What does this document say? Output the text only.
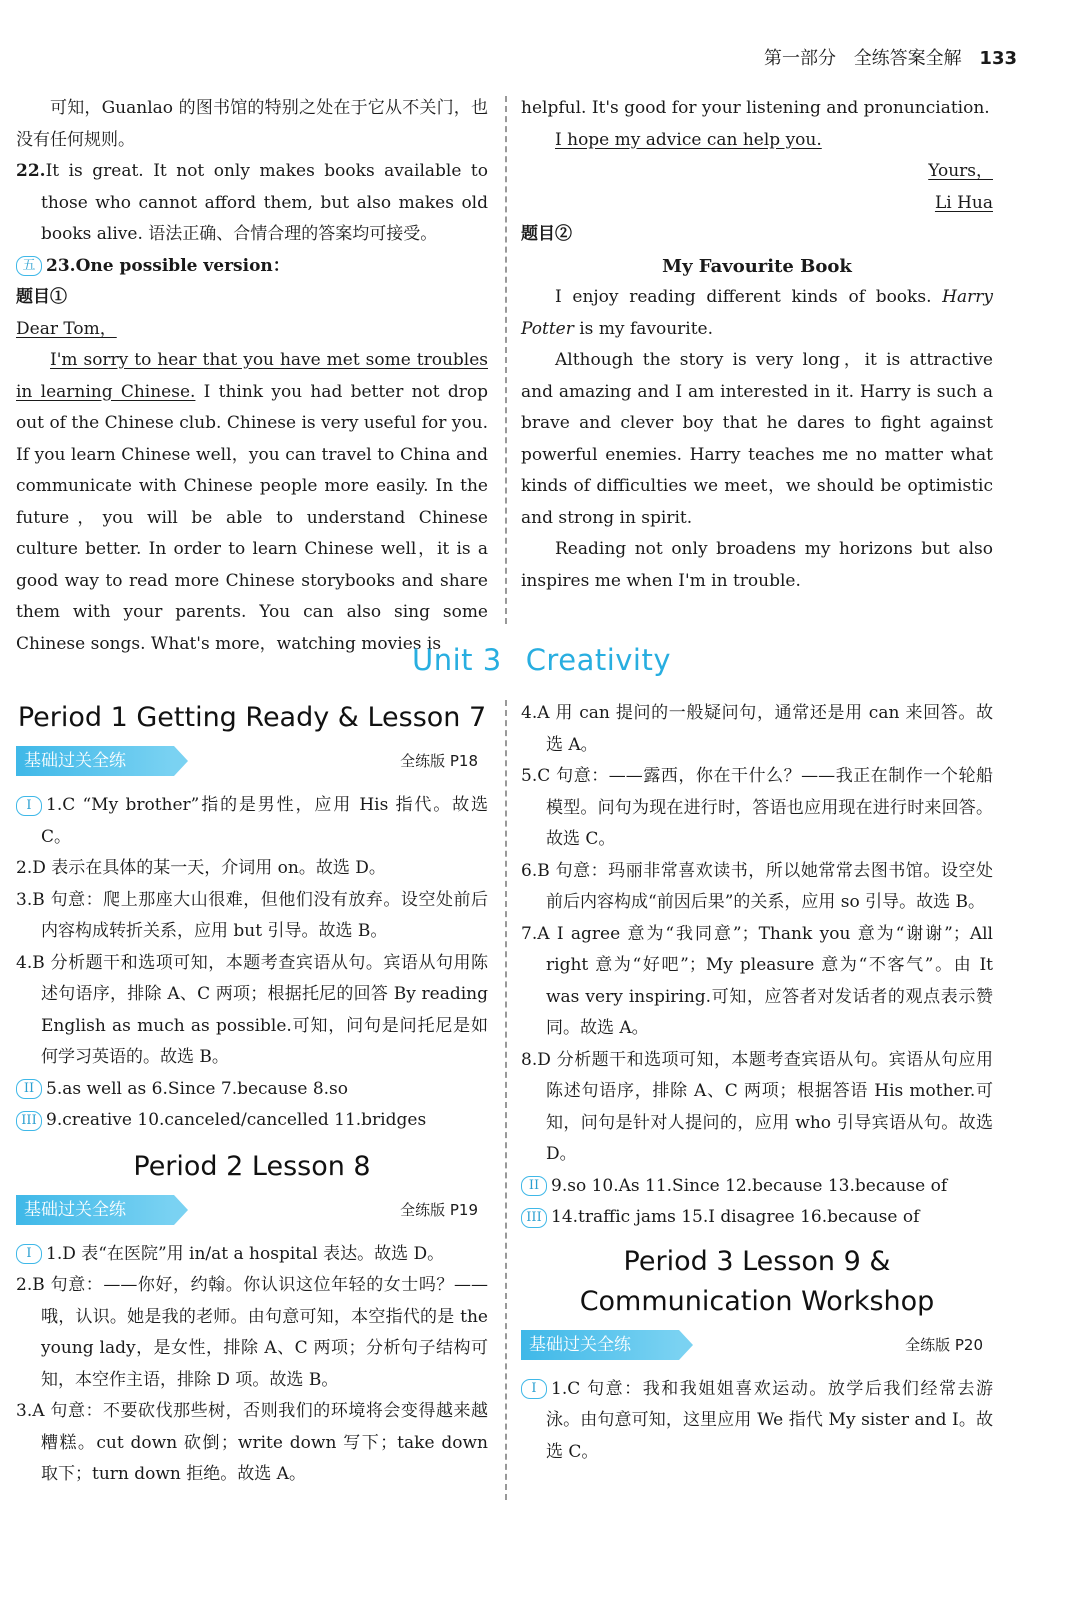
第一部分 全练答案全解 133

可知，Guanlao 的图书馆的特别之处在于它从不关门，也没有任何规则。

22.It is great. It not only makes books available to those who cannot afford them, but also makes old books alive. 语法正确、合情合理的答案均可接受。

五 23.One possible version：

题目①

Dear Tom，

I'm sorry to hear that you have met some troubles in learning Chinese. I think you had better not drop out of the Chinese club. Chinese is very useful for you. If you learn Chinese well，you can travel to China and communicate with Chinese people more easily. In the future，you will be able to understand Chinese culture better. In order to learn Chinese well，it is a good way to read more Chinese storybooks and share them with your parents. You can also sing some Chinese songs. What's more，watching movies is

helpful. It's good for your listening and pronunciation.

I hope my advice can help you.

Yours，

Li Hua

题目②

My Favourite Book

I enjoy reading different kinds of books. Harry Potter is my favourite.

Although the story is very long，it is attractive and amazing and I am interested in it. Harry is such a brave and clever boy that he dares to fight against powerful enemies. Harry teaches me no matter what kinds of difficulties we meet，we should be optimistic and strong in spirit.

Reading not only broadens my horizons but also inspires me when I'm in trouble.

Unit 3 Creativity

Period 1 Getting Ready & Lesson 7

基础过关全练	全练版 P18

I 1.C “My brother”指的是男性，应用 His 指代。故选 C。

2.D 表示在具体的某一天，介词用 on。故选 D。

3.B 句意：爬上那座大山很难，但他们没有放弃。设空处前后内容构成转折关系，应用 but 引导。故选 B。

4.B 分析题干和选项可知，本题考查宾语从句。宾语从句用陈述句语序，排除 A、C 两项；根据托尼的回答 By reading English as much as possible.可知，问句是问托尼是如何学习英语的。故选 B。

II 5.as well as 6.Since 7.because 8.so

III 9.creative 10.canceled/cancelled 11.bridges

Period 2 Lesson 8

基础过关全练	全练版 P19

I 1.D 表“在医院”用 in/at a hospital 表达。故选 D。

2.B 句意：——你好，约翰。你认识这位年轻的女士吗？——哦，认识。她是我的老师。由句意可知，本空指代的是 the young lady，是女性，排除 A、C 两项；分析句子结构可知，本空作主语，排除 D 项。故选 B。

3.A 句意：不要砍伐那些树，否则我们的环境将会变得越来越糟糕。cut down 砍倒；write down 写下；take down 取下；turn down 拒绝。故选 A。

4.A 用 can 提问的一般疑问句，通常还是用 can 来回答。故选 A。

5.C 句意：——露西，你在干什么？——我正在制作一个轮船模型。问句为现在进行时，答语也应用现在进行时来回答。故选 C。

6.B 句意：玛丽非常喜欢读书，所以她常常去图书馆。设空处前后内容构成“前因后果”的关系，应用 so 引导。故选 B。

7.A I agree 意为“我同意”；Thank you 意为“谢谢”；All right 意为“好吧”；My pleasure 意为“不客气”。由 It was very inspiring.可知，应答者对发话者的观点表示赞同。故选 A。

8.D 分析题干和选项可知，本题考查宾语从句。宾语从句应用陈述句语序，排除 A、C 两项；根据答语 His mother.可知，问句是针对人提问的，应用 who 引导宾语从句。故选 D。

II 9.so 10.As 11.Since 12.because 13.because of

III 14.traffic jams 15.I disagree 16.because of

Period 3 Lesson 9 &

Communication Workshop

基础过关全练	全练版 P20

I 1.C 句意：我和我姐姐喜欢运动。放学后我们经常去游泳。由句意可知，这里应用 We 指代 My sister and I。故选 C。
